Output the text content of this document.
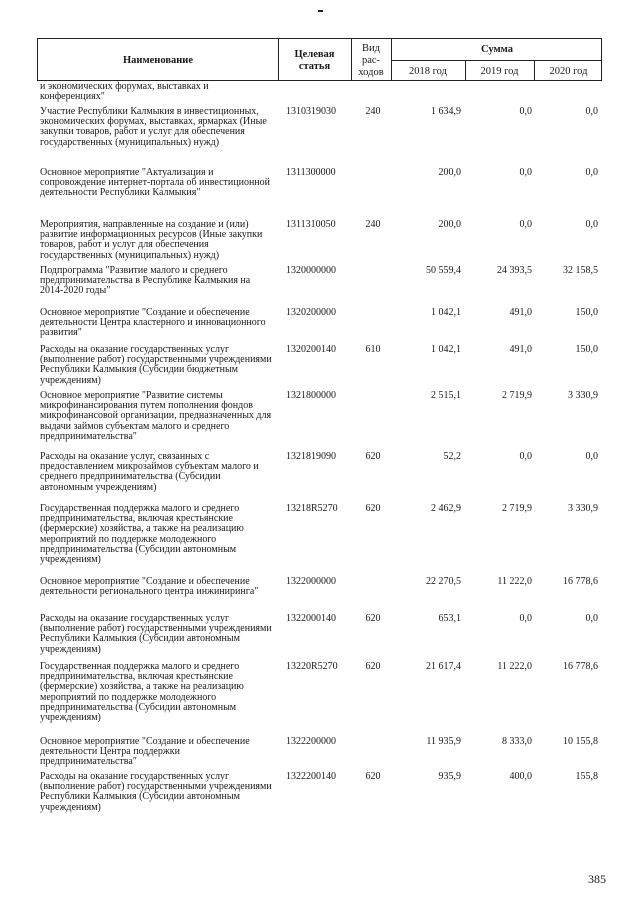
Наименование
Целевая
статья
Вид
рас-
ходов
Сумма
2018 год	2019 год	2020 год
и экономических форумах, выставках и конференциях"
Участие Республики Калмыкия в инвестиционных, экономических форумах, выставках, ярмарках (Иные закупки товаров, работ и услуг для обеспечения государственных (муниципальных) нужд)
1310319030	240	1 634,9	0,0	0,0
Основное мероприятие "Актуализация и сопровождение интернет-портала об инвестиционной деятельности Республики Калмыкия"
1311300000	200,0	0,0	0,0
Мероприятия, направленные на создание и (или) развитие информационных ресурсов (Иные закупки товаров, работ и услуг для обеспечения государственных (муниципальных) нужд)
1311310050	240	200,0	0,0	0,0
Подпрограмма "Развитие малого и среднего предпринимательства в Республике Калмыкия на 2014-2020 годы"
1320000000	50 559,4	24 393,5	32 158,5
Основное мероприятие "Создание и обеспечение деятельности Центра кластерного и инновационного развития"
1320200000	1 042,1	491,0	150,0
Расходы на оказание государственных услуг (выполнение работ) государственными учреждениями Республики Калмыкия (Субсидии бюджетным учреждениям)
1320200140	610	1 042,1	491,0	150,0
Основное мероприятие "Развитие системы микрофинансирования путем пополнения фондов микрофинансовой организации, предназначенных для выдачи займов субъектам малого и среднего предпринимательства"
1321800000	2 515,1	2 719,9	3 330,9
Расходы на оказание услуг, связанных с предоставлением микрозаймов субъектам малого и среднего предпринимательства (Субсидии автономным учреждениям)
1321819090	620	52,2	0,0	0,0
Государственная поддержка малого и среднего предпринимательства, включая крестьянские (фермерские) хозяйства, а также на реализацию мероприятий по поддержке молодежного предпринимательства (Субсидии автономным учреждениям)
13218R5270	620	2 462,9	2 719,9	3 330,9
Основное мероприятие "Создание и обеспечение деятельности регионального центра инжиниринга"
1322000000	22 270,5	11 222,0	16 778,6
Расходы на оказание государственных услуг (выполнение работ) государственными учреждениями Республики Калмыкия (Субсидии автономным учреждениям)
1322000140	620	653,1	0,0	0,0
Государственная поддержка малого и среднего предпринимательства, включая крестьянские (фермерские) хозяйства, а также на реализацию мероприятий по поддержке молодежного предпринимательства (Субсидии автономным учреждениям)
13220R5270	620	21 617,4	11 222,0	16 778,6
Основное мероприятие "Создание и обеспечение деятельности Центра поддержки предпринимательства"
1322200000	11 935,9	8 333,0	10 155,8
Расходы на оказание государственных услуг (выполнение работ) государственными учреждениями Республики Калмыкия (Субсидии автономным учреждениям)
1322200140	620	935,9	400,0	155,8
385
